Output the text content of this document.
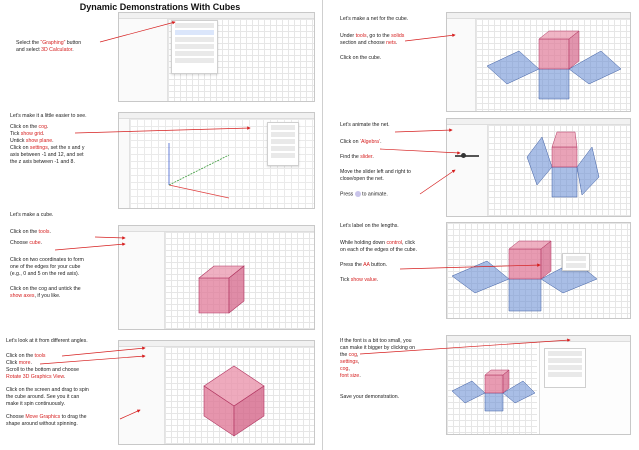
Dynamic Demonstrations With Cubes

Select the “Graphing” button

and select 3D Calculator.

Let’s make it a little easier to see.

Click on the cog.

Tick show grid.

Untick show plane.

Click on settings, set the x and y

axis between -1 and 12, and set

the z axis between -1 and 8.

Let’s make a cube.

Click on the tools.

Choose cube.

Click on two coordinates to form

one of the edges for your cube

(e.g., 0 and 5 on the red axis).

Click on the cog and untick the

show axes, if you like.

Let’s look at it from different angles.

Click on the tools

Click more.

Scroll to the bottom and choose

Rotate 3D Graphics View.

Click on the screen and drag to spin

the cube around. See you it can

make it spin continuously.

Choose Move Graphics to drag the

shape around without spinning.

Let’s make a net for the cube.

Under tools, go to the solids

section and choose nets.

Click on the cube.

Let’s animate the net.

Click on ‘Algebra’.

Find the slider.

Move the slider left and right to

close/open the net.

Press  to animate.

Let’s label on the lengths.

While holding down control, click

on each of the edges of the cube.

Press the AA button.

Tick show value.

If the font is a bit too small, you

can make it bigger by clicking on

the cog,

settings,

cog,

font size.

Save your demonstration.
